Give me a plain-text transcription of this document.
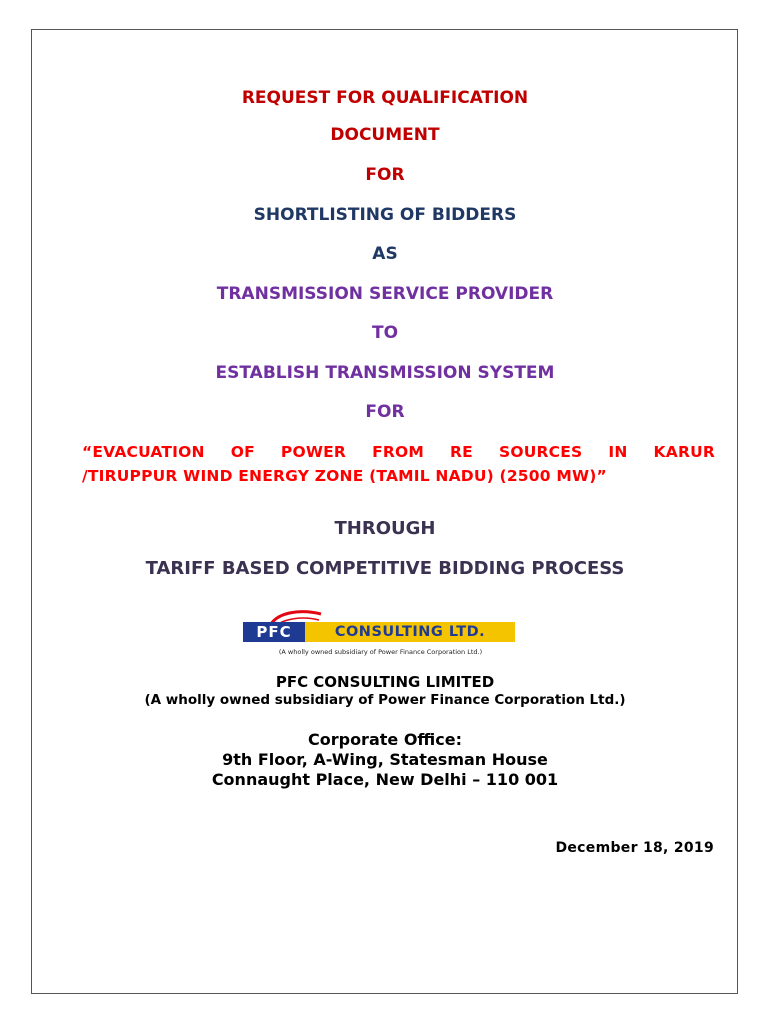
REQUEST FOR QUALIFICATION
DOCUMENT
FOR
SHORTLISTING OF BIDDERS
AS
TRANSMISSION SERVICE PROVIDER
TO
ESTABLISH TRANSMISSION SYSTEM
FOR
“EVACUATION OF POWER FROM RE SOURCES IN KARUR
/TIRUPPUR WIND ENERGY ZONE (TAMIL NADU) (2500 MW)”
THROUGH
TARIFF BASED COMPETITIVE BIDDING PROCESS
PFC	CONSULTING LTD.
(A wholly owned subsidiary of Power Finance Corporation Ltd.)
PFC CONSULTING LIMITED
(A wholly owned subsidiary of Power Finance Corporation Ltd.)
Corporate Office:
9th Floor, A-Wing, Statesman House
Connaught Place, New Delhi – 110 001
December 18, 2019
